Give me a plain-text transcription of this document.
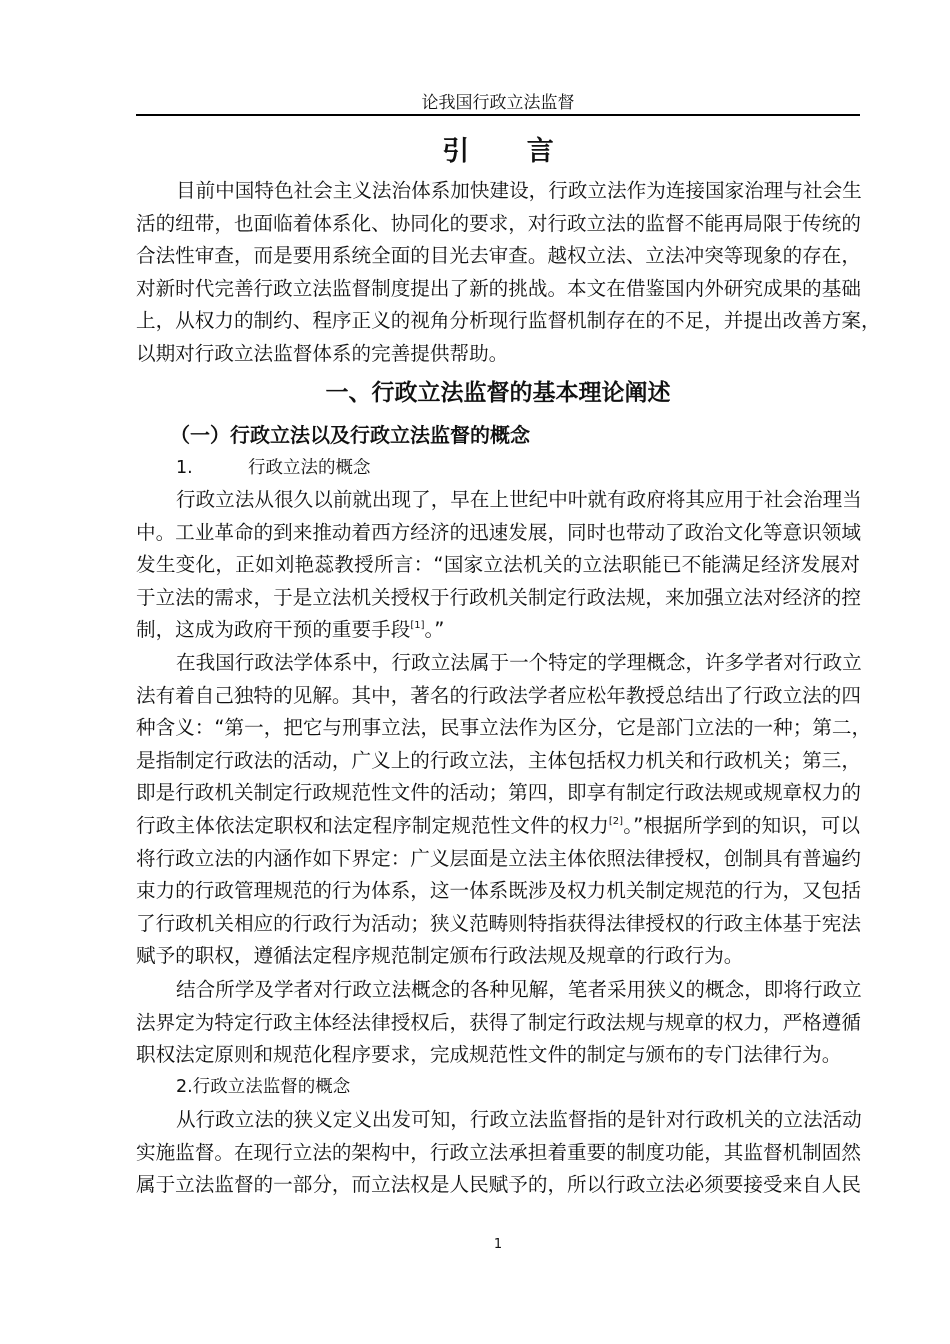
论我国行政立法监督
引 言
目前中国特色社会主义法治体系加快建设，行政立法作为连接国家治理与社会生
活的纽带，也面临着体系化、协同化的要求，对行政立法的监督不能再局限于传统的
合法性审查，而是要用系统全面的目光去审查。越权立法、立法冲突等现象的存在，
对新时代完善行政立法监督制度提出了新的挑战。本文在借鉴国内外研究成果的基础
上，从权力的制约、程序正义的视角分析现行监督机制存在的不足，并提出改善方案，
以期对行政立法监督体系的完善提供帮助。
一、行政立法监督的基本理论阐述
（一）行政立法以及行政立法监督的概念
1.	行政立法的概念
行政立法从很久以前就出现了，早在上世纪中叶就有政府将其应用于社会治理当
中。工业革命的到来推动着西方经济的迅速发展，同时也带动了政治文化等意识领域
发生变化，正如刘艳蕊教授所言：“国家立法机关的立法职能已不能满足经济发展对
于立法的需求，于是立法机关授权于行政机关制定行政法规，来加强立法对经济的控
制，这成为政府干预的重要手段[1]。”
在我国行政法学体系中，行政立法属于一个特定的学理概念，许多学者对行政立
法有着自己独特的见解。其中，著名的行政法学者应松年教授总结出了行政立法的四
种含义：“第一，把它与刑事立法，民事立法作为区分，它是部门立法的一种；第二，
是指制定行政法的活动，广义上的行政立法，主体包括权力机关和行政机关；第三，
即是行政机关制定行政规范性文件的活动；第四，即享有制定行政法规或规章权力的
行政主体依法定职权和法定程序制定规范性文件的权力[2]。”根据所学到的知识，可以
将行政立法的内涵作如下界定：广义层面是立法主体依照法律授权，创制具有普遍约
束力的行政管理规范的行为体系，这一体系既涉及权力机关制定规范的行为，又包括
了行政机关相应的行政行为活动；狭义范畴则特指获得法律授权的行政主体基于宪法
赋予的职权，遵循法定程序规范制定颁布行政法规及规章的行政行为。
结合所学及学者对行政立法概念的各种见解，笔者采用狭义的概念，即将行政立
法界定为特定行政主体经法律授权后，获得了制定行政法规与规章的权力，严格遵循
职权法定原则和规范化程序要求，完成规范性文件的制定与颁布的专门法律行为。
2.行政立法监督的概念
从行政立法的狭义定义出发可知，行政立法监督指的是针对行政机关的立法活动
实施监督。在现行立法的架构中，行政立法承担着重要的制度功能，其监督机制固然
属于立法监督的一部分，而立法权是人民赋予的，所以行政立法必须要接受来自人民
1
